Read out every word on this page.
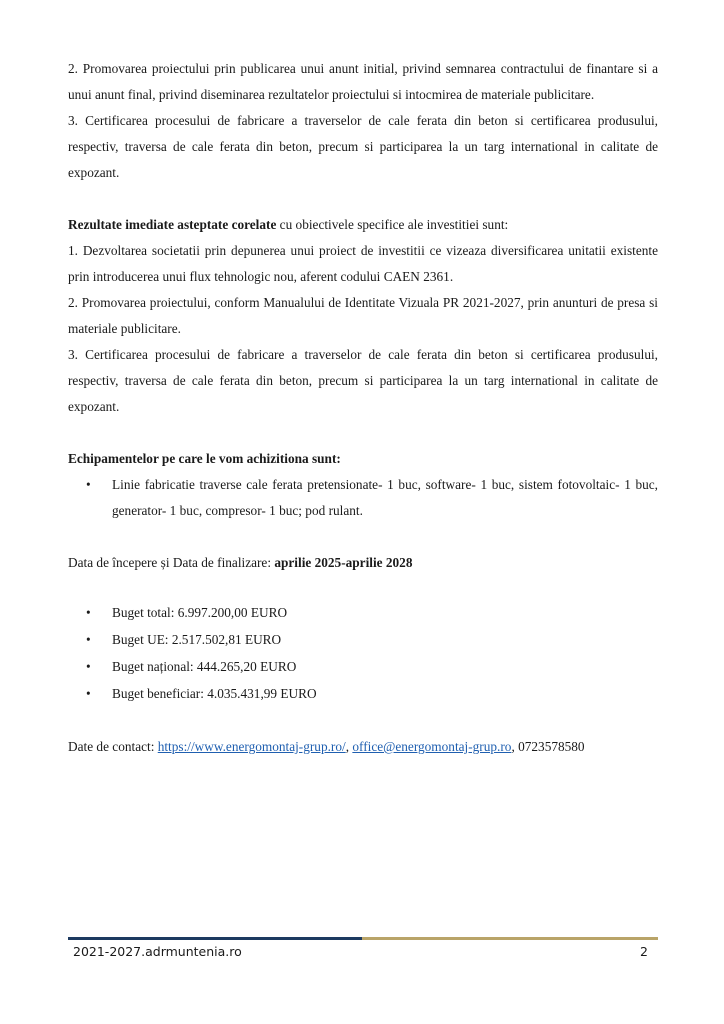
2. Promovarea proiectului prin publicarea unui anunt initial, privind semnarea contractului de finantare si a unui anunt final, privind diseminarea rezultatelor proiectului si intocmirea de materiale publicitare.

3. Certificarea procesului de fabricare a traverselor de cale ferata din beton si certificarea produsului, respectiv, traversa de cale ferata din beton, precum si participarea la un targ international in calitate de expozant.

Rezultate imediate asteptate corelate cu obiectivele specifice ale investitiei sunt:

1. Dezvoltarea societatii prin depunerea unui proiect de investitii ce vizeaza diversificarea unitatii existente prin introducerea unui flux tehnologic nou, aferent codului CAEN 2361.

2. Promovarea proiectului, conform Manualului de Identitate Vizuala PR 2021-2027, prin anunturi de presa si materiale publicitare.

3. Certificarea procesului de fabricare a traverselor de cale ferata din beton si certificarea produsului, respectiv, traversa de cale ferata din beton, precum si participarea la un targ international in calitate de expozant.

Echipamentelor pe care le vom achizitiona sunt:

• Linie fabricatie traverse cale ferata pretensionate- 1 buc, software- 1 buc, sistem fotovoltaic- 1 buc, generator- 1 buc, compresor- 1 buc; pod rulant.

Data de începere și Data de finalizare: aprilie 2025-aprilie 2028

• Buget total: 6.997.200,00 EURO
• Buget UE: 2.517.502,81 EURO
• Buget național: 444.265,20 EURO
• Buget beneficiar: 4.035.431,99 EURO

Date de contact: https://www.energomontaj-grup.ro/, office@energomontaj-grup.ro, 0723578580

2021-2027.adrmuntenia.ro	2
